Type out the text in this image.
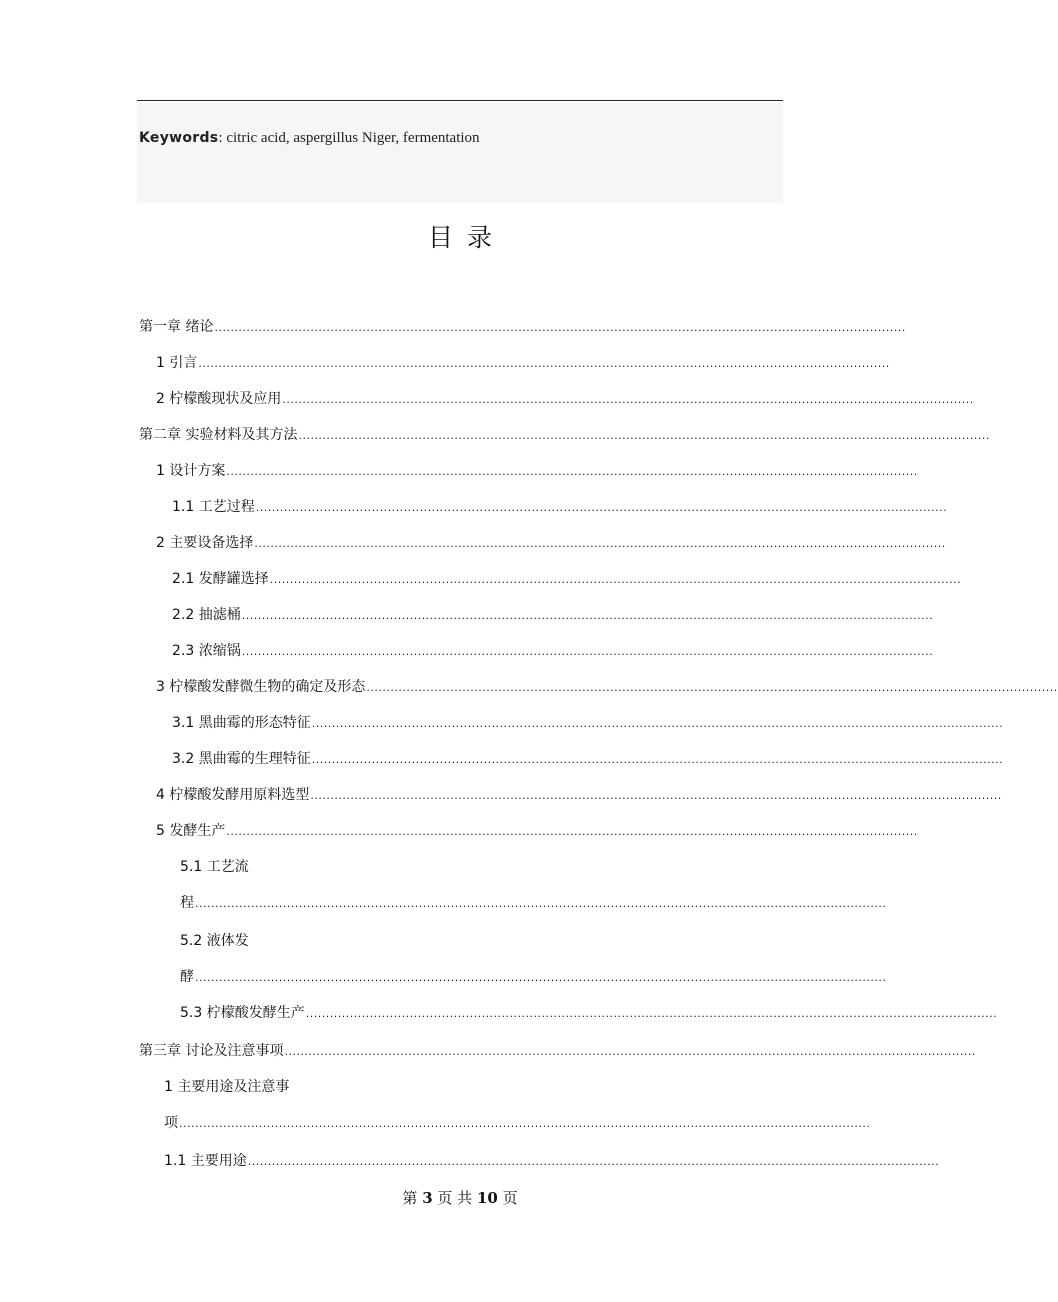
Keywords: citric acid, aspergillus Niger, fermentation
目 录
第一章 绪论 .............................................................................................................................................................................
1 引言 .............................................................................................................................................................................
2 柠檬酸现状及应用 .............................................................................................................................................................................
第二章 实验材料及其方法 .............................................................................................................................................................................
1 设计方案 .............................................................................................................................................................................
1.1 工艺过程 .............................................................................................................................................................................
2 主要设备选择 .............................................................................................................................................................................
2.1 发酵罐选择 .............................................................................................................................................................................
2.2 抽滤桶 .............................................................................................................................................................................
2.3 浓缩锅 .............................................................................................................................................................................
3 柠檬酸发酵微生物的确定及形态 .............................................................................................................................................................................
3.1 黑曲霉的形态特征 .............................................................................................................................................................................
3.2 黑曲霉的生理特征 .............................................................................................................................................................................
4 柠檬酸发酵用原料选型 .............................................................................................................................................................................
5 发酵生产 .............................................................................................................................................................................
5.1 工艺流
程 .............................................................................................................................................................................
5.2 液体发
酵 .............................................................................................................................................................................
5.3 柠檬酸发酵生产 .............................................................................................................................................................................
第三章 讨论及注意事项 .............................................................................................................................................................................
1 主要用途及注意事
项 .............................................................................................................................................................................
1.1 主要用途 .............................................................................................................................................................................
第 3 页 共 10 页
